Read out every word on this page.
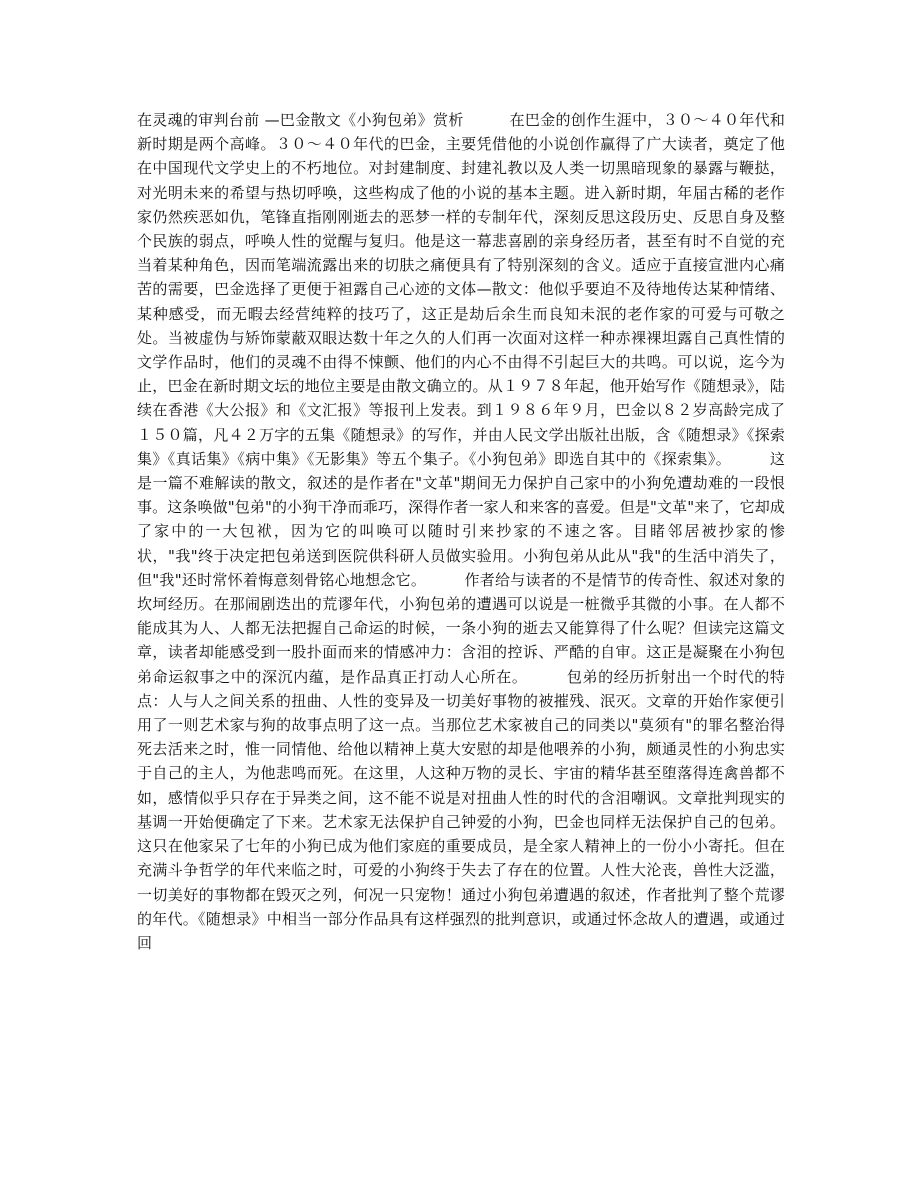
在灵魂的审判台前 —巴金散文《小狗包弟》赏析　　　	在巴金的创作生涯中，３０～４０年代和新时期是两个高峰。３０～４０年代的巴金，主要凭借他的小说创作赢得了广大读者，奠定了他在中国现代文学史上的不朽地位。对封建制度、封建礼教以及人类一切黑暗现象的暴露与鞭挞，对光明未来的希望与热切呼唤，这些构成了他的小说的基本主题。进入新时期，年届古稀的老作家仍然疾恶如仇，笔锋直指刚刚逝去的恶梦一样的专制年代，深刻反思这段历史、反思自身及整个民族的弱点，呼唤人性的觉醒与复归。他是这一幕悲喜剧的亲身经历者，甚至有时不自觉的充当着某种角色，因而笔端流露出来的切肤之痛便具有了特别深刻的含义。适应于直接宣泄内心痛苦的需要，巴金选择了更便于袒露自己心迹的文体—散文：他似乎要迫不及待地传达某种情绪、某种感受，而无暇去经营纯粹的技巧了，这正是劫后余生而良知未泯的老作家的可爱与可敬之处。当被虚伪与矫饰蒙蔽双眼达数十年之久的人们再一次面对这样一种赤裸裸坦露自己真性情的文学作品时，他们的灵魂不由得不悚颤、他们的内心不由得不引起巨大的共鸣。可以说，迄今为止，巴金在新时期文坛的地位主要是由散文确立的。从１９７８年起，他开始写作《随想录》，陆续在香港《大公报》和《文汇报》等报刊上发表。到１９８６年９月，巴金以８２岁高龄完成了１５０篇，凡４２万字的五集《随想录》的写作，并由人民文学出版社出版，含《随想录》《探索集》《真话集》《病中集》《无影集》等五个集子。《小狗包弟》即选自其中的《探索集》。　　　	这是一篇不难解读的散文，叙述的是作者在"文革"期间无力保护自己家中的小狗免遭劫难的一段恨事。这条唤做"包弟"的小狗干净而乖巧，深得作者一家人和来客的喜爱。但是"文革"来了，它却成了家中的一大包袱，因为它的叫唤可以随时引来抄家的不速之客。目睹邻居被抄家的惨状，"我"终于决定把包弟送到医院供科研人员做实验用。小狗包弟从此从"我"的生活中消失了，但"我"还时常怀着悔意刻骨铭心地想念它。　　　	作者给与读者的不是情节的传奇性、叙述对象的坎坷经历。在那闹剧迭出的荒谬年代，小狗包弟的遭遇可以说是一桩微乎其微的小事。在人都不能成其为人、人都无法把握自己命运的时候，一条小狗的逝去又能算得了什么呢？但读完这篇文章，读者却能感受到一股扑面而来的情感冲力：含泪的控诉、严酷的自审。这正是凝聚在小狗包弟命运叙事之中的深沉内蕴，是作品真正打动人心所在。　　　	包弟的经历折射出一个时代的特点：人与人之间关系的扭曲、人性的变异及一切美好事物的被摧残、泯灭。文章的开始作家便引用了一则艺术家与狗的故事点明了这一点。当那位艺术家被自己的同类以"莫须有"的罪名整治得死去活来之时，惟一同情他、给他以精神上莫大安慰的却是他喂养的小狗，颇通灵性的小狗忠实于自己的主人，为他悲鸣而死。在这里，人这种万物的灵长、宇宙的精华甚至堕落得连禽兽都不如，感情似乎只存在于异类之间，这不能不说是对扭曲人性的时代的含泪嘲讽。文章批判现实的基调一开始便确定了下来。艺术家无法保护自己钟爱的小狗，巴金也同样无法保护自己的包弟。这只在他家呆了七年的小狗已成为他们家庭的重要成员，是全家人精神上的一份小小寄托。但在充满斗争哲学的年代来临之时，可爱的小狗终于失去了存在的位置。人性大沦丧，兽性大泛滥，一切美好的事物都在毁灭之列，何况一只宠物！通过小狗包弟遭遇的叙述，作者批判了整个荒谬的年代。《随想录》中相当一部分作品具有这样强烈的批判意识，或通过怀念故人的遭遇，或通过回
